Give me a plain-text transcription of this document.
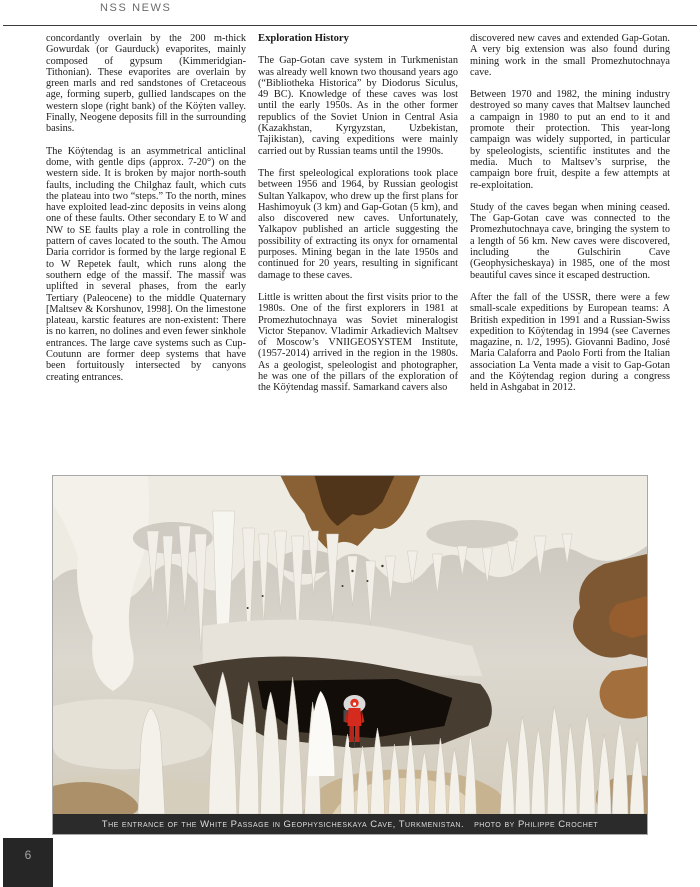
NSS NEWS

concordantly overlain by the 200 m-thick Gowurdak (or Gaurduck) evaporites, mainly composed of gypsum (Kimmeridgian-Tithonian). These evaporites are overlain by green marls and red sandstones of Cretaceous age, forming superb, gullied landscapes on the western slope (right bank) of the Köýten valley. Finally, Neogene deposits fill in the surrounding basins.

The Köýtendag is an asymmetrical anticlinal dome, with gentle dips (approx. 7-20°) on the western side. It is broken by major north-south faults, including the Chilghaz fault, which cuts the plateau into two “steps.” To the north, mines have exploited lead-zinc deposits in veins along one of these faults. Other secondary E to W and NW to SE faults play a role in controlling the pattern of caves located to the south. The Amou Daria corridor is formed by the large regional E to W Repetek fault, which runs along the southern edge of the massif. The massif was uplifted in several phases, from the early Tertiary (Paleocene) to the middle Quaternary [Maltsev & Korshunov, 1998]. On the limestone plateau, karstic features are non-existent: There is no karren, no dolines and even fewer sinkhole entrances. The large cave systems such as Cup-Coutunn are former deep systems that have been fortuitously intersected by canyons creating entrances.

Exploration History

The Gap-Gotan cave system in Turkmenistan was already well known two thousand years ago (“Bibliotheka Historica” by Diodorus Siculus, 49 BC). Knowledge of these caves was lost until the early 1950s. As in the other former republics of the Soviet Union in Central Asia (Kazakhstan, Kyrgyzstan, Uzbekistan, Tajikistan), caving expeditions were mainly carried out by Russian teams until the 1990s.

The first speleological explorations took place between 1956 and 1964, by Russian geologist Sultan Yalkapov, who drew up the first plans for Hashimoyuk (3 km) and Gap-Gotan (5 km), and also discovered new caves. Unfortunately, Yalkapov published an article suggesting the possibility of extracting its onyx for ornamental purposes. Mining began in the late 1950s and continued for 20 years, resulting in significant damage to these caves.

Little is written about the first visits prior to the 1980s. One of the first explorers in 1981 at Promezhutochnaya was Soviet mineralogist Victor Stepanov. Vladimir Arkadievich Maltsev of Moscow’s VNIIGEOSYSTEM Institute, (1957-2014) arrived in the region in the 1980s. As a geologist, speleologist and photographer, he was one of the pillars of the exploration of the Köýtendag massif. Samarkand cavers also

discovered new caves and extended Gap-Gotan. A very big extension was also found during mining work in the small Promezhutochnaya cave.

Between 1970 and 1982, the mining industry destroyed so many caves that Maltsev launched a campaign in 1980 to put an end to it and promote their protection. This year-long campaign was widely supported, in particular by speleologists, scientific institutes and the media. Much to Maltsev’s surprise, the campaign bore fruit, despite a few attempts at re-exploitation.

Study of the caves began when mining ceased. The Gap-Gotan cave was connected to the Promezhutochnaya cave, bringing the system to a length of 56 km. New caves were discovered, including the Gulschirin Cave (Geophysicheskaya) in 1985, one of the most beautiful caves since it escaped destruction.

After the fall of the USSR, there were a few small-scale expeditions by European teams: A British expedition in 1991 and a Russian-Swiss expedition to Köýtendag in 1994 (see Cavernes magazine, n. 1/2, 1995). Giovanni Badino, José Maria Calaforra and Paolo Forti from the Italian association La Venta made a visit to Gap-Gotan and the Köýtendag region during a congress held in Ashgabat in 2012.

The entrance of the White Passage in Geophysicheskaya Cave, Turkmenistan. photo by Philippe Crochet
6
